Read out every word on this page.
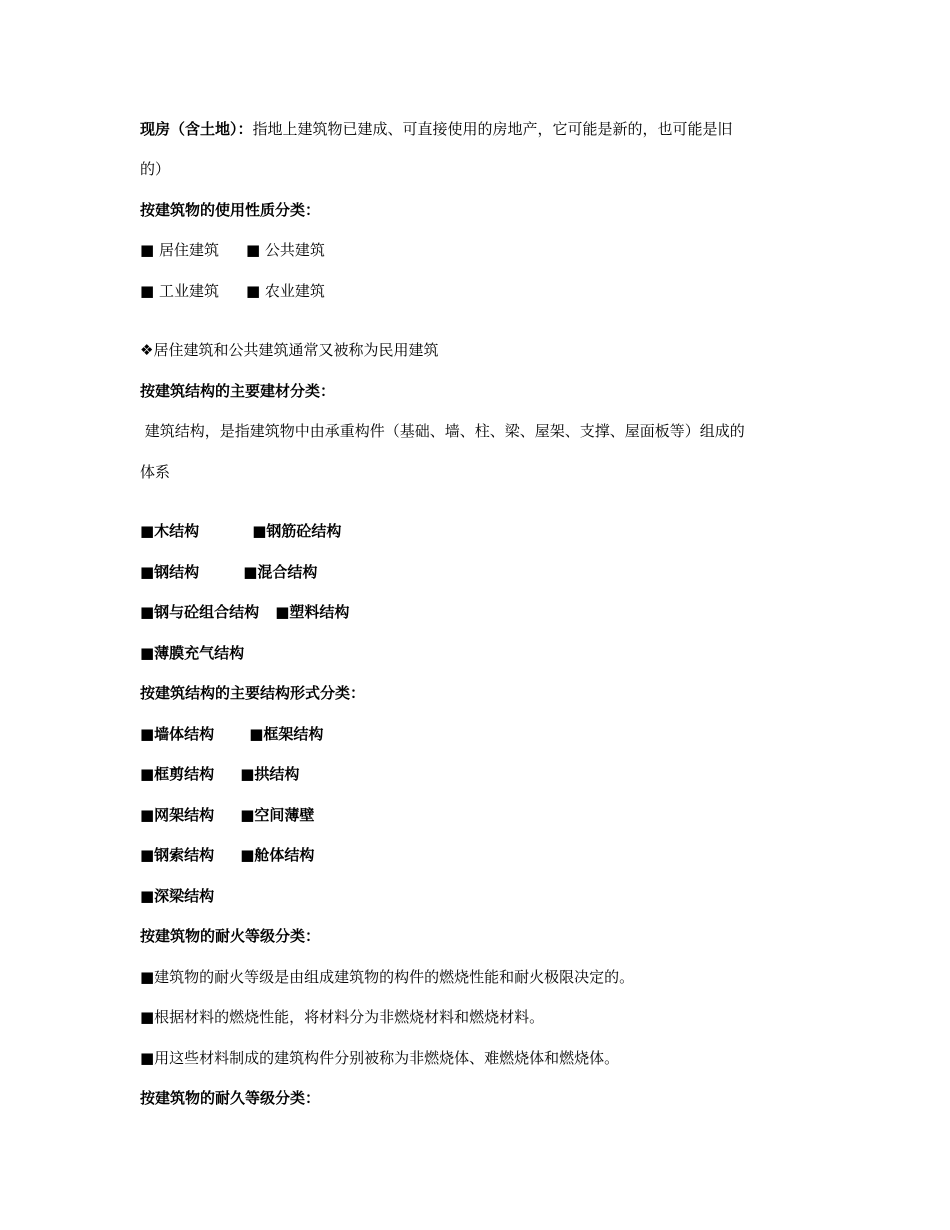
现房（含土地）：指地上建筑物已建成、可直接使用的房地产，它可能是新的，也可能是旧
的）
按建筑物的使用性质分类：
■ 居住建筑 ■ 公共建筑
■ 工业建筑 ■ 农业建筑
❖居住建筑和公共建筑通常又被称为民用建筑
按建筑结构的主要建材分类：
建筑结构，是指建筑物中由承重构件（基础、墙、柱、梁、屋架、支撑、屋面板等）组成的
体系
■木结构	■钢筋砼结构
■钢结构	■混合结构
■钢与砼组合结构 ■塑料结构
■薄膜充气结构
按建筑结构的主要结构形式分类：
■墙体结构 ■框架结构
■框剪结构 ■拱结构
■网架结构 ■空间薄壁
■钢索结构 ■舱体结构
■深梁结构
按建筑物的耐火等级分类：
■建筑物的耐火等级是由组成建筑物的构件的燃烧性能和耐火极限决定的。
■根据材料的燃烧性能，将材料分为非燃烧材料和燃烧材料。
■用这些材料制成的建筑构件分别被称为非燃烧体、难燃烧体和燃烧体。
按建筑物的耐久等级分类：
